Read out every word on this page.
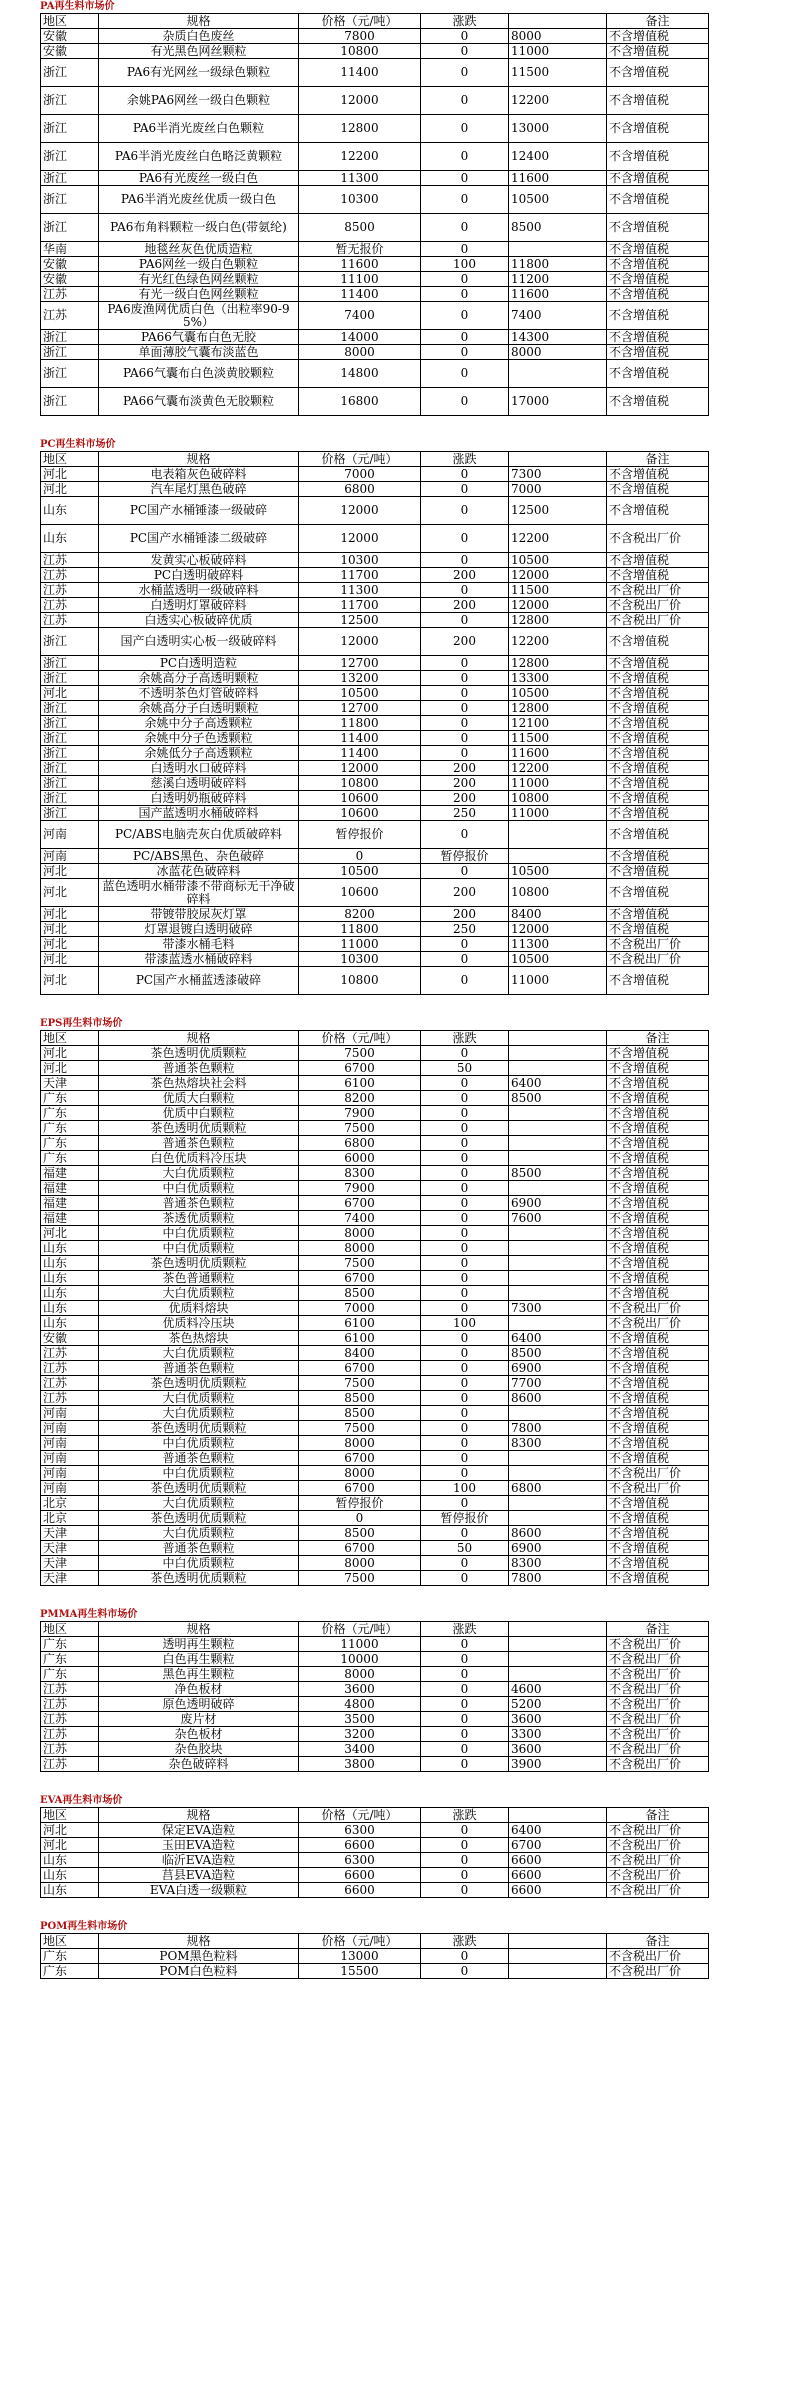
PA再生料市场价
地区	规格	价格（元/吨）	涨跌		备注
安徽	杂质白色废丝	7800	0	8000	不含增值税
安徽	有光黑色网丝颗粒	10800	0	11000	不含增值税
浙江	PA6有光网丝一级绿色颗粒	11400	0	11500	不含增值税
浙江	余姚PA6网丝一级白色颗粒	12000	0	12200	不含增值税
浙江	PA6半消光废丝白色颗粒	12800	0	13000	不含增值税
浙江	PA6半消光废丝白色略泛黄颗粒	12200	0	12400	不含增值税
浙江	PA6有光废丝一级白色	11300	0	11600	不含增值税
浙江	PA6半消光废丝优质一级白色	10300	0	10500	不含增值税
浙江	PA6布角料颗粒一级白色(带氨纶)	8500	0	8500	不含增值税
华南	地毯丝灰色优质造粒	暂无报价	0		不含增值税
安徽	PA6网丝一级白色颗粒	11600	100	11800	不含增值税
安徽	有光红色绿色网丝颗粒	11100	0	11200	不含增值税
江苏	有光一级白色网丝颗粒	11400	0	11600	不含增值税
江苏	PA6废渔网优质白色（出粒率90-95%）	7400	0	7400	不含增值税
浙江	PA66气囊布白色无胶	14000	0	14300	不含增值税
浙江	单面薄胶气囊布淡蓝色	8000	0	8000	不含增值税
浙江	PA66气囊布白色淡黄胶颗粒	14800	0		不含增值税
浙江	PA66气囊布淡黄色无胶颗粒	16800	0	17000	不含增值税
PC再生料市场价
地区	规格	价格（元/吨）	涨跌		备注
河北	电表箱灰色破碎料	7000	0	7300	不含增值税
河北	汽车尾灯黑色破碎	6800	0	7000	不含增值税
山东	PC国产水桶锤漆一级破碎	12000	0	12500	不含增值税
山东	PC国产水桶锤漆二级破碎	12000	0	12200	不含税出厂价
江苏	发黄实心板破碎料	10300	0	10500	不含增值税
江苏	PC白透明破碎料	11700	200	12000	不含增值税
江苏	水桶蓝透明一级破碎料	11300	0	11500	不含税出厂价
江苏	白透明灯罩破碎料	11700	200	12000	不含税出厂价
江苏	白透实心板破碎优质	12500	0	12800	不含税出厂价
浙江	国产白透明实心板一级破碎料	12000	200	12200	不含增值税
浙江	PC白透明造粒	12700	0	12800	不含增值税
浙江	余姚高分子高透明颗粒	13200	0	13300	不含增值税
河北	不透明茶色灯管破碎料	10500	0	10500	不含增值税
浙江	余姚高分子白透明颗粒	12700	0	12800	不含增值税
浙江	余姚中分子高透颗粒	11800	0	12100	不含增值税
浙江	余姚中分子色透颗粒	11400	0	11500	不含增值税
浙江	余姚低分子高透颗粒	11400	0	11600	不含增值税
浙江	白透明水口破碎料	12000	200	12200	不含增值税
浙江	慈溪白透明破碎料	10800	200	11000	不含增值税
浙江	白透明奶瓶破碎料	10600	200	10800	不含增值税
浙江	国产蓝透明水桶破碎料	10600	250	11000	不含增值税
河南	PC/ABS电脑壳灰白优质破碎料	暂停报价	0		不含增值税
河南	PC/ABS黑色、杂色破碎	0	暂停报价		不含增值税
河北	冰蓝花色破碎料	10500	0	10500	不含增值税
河北	蓝色透明水桶带漆不带商标无干净破碎料	10600	200	10800	不含增值税
河北	带镀带胶尿灰灯罩	8200	200	8400	不含增值税
河北	灯罩退镀白透明破碎	11800	250	12000	不含增值税
河北	带漆水桶毛料	11000	0	11300	不含税出厂价
河北	带漆蓝透水桶破碎料	10300	0	10500	不含税出厂价
河北	PC国产水桶蓝透漆破碎	10800	0	11000	不含增值税
EPS再生料市场价
地区	规格	价格（元/吨）	涨跌		备注
河北	茶色透明优质颗粒	7500	0		不含增值税
河北	普通茶色颗粒	6700	50		不含增值税
天津	茶色热熔块社会料	6100	0	6400	不含增值税
广东	优质大白颗粒	8200	0	8500	不含增值税
广东	优质中白颗粒	7900	0		不含增值税
广东	茶色透明优质颗粒	7500	0		不含增值税
广东	普通茶色颗粒	6800	0		不含增值税
广东	白色优质料冷压块	6000	0		不含增值税
福建	大白优质颗粒	8300	0	8500	不含增值税
福建	中白优质颗粒	7900	0		不含增值税
福建	普通茶色颗粒	6700	0	6900	不含增值税
福建	茶透优质颗粒	7400	0	7600	不含增值税
河北	中白优质颗粒	8000	0		不含增值税
山东	中白优质颗粒	8000	0		不含增值税
山东	茶色透明优质颗粒	7500	0		不含增值税
山东	茶色普通颗粒	6700	0		不含增值税
山东	大白优质颗粒	8500	0		不含增值税
山东	优质料熔块	7000	0	7300	不含税出厂价
山东	优质料冷压块	6100	100		不含税出厂价
安徽	茶色热熔块	6100	0	6400	不含增值税
江苏	大白优质颗粒	8400	0	8500	不含增值税
江苏	普通茶色颗粒	6700	0	6900	不含增值税
江苏	茶色透明优质颗粒	7500	0	7700	不含增值税
江苏	大白优质颗粒	8500	0	8600	不含增值税
河南	大白优质颗粒	8500	0		不含增值税
河南	茶色透明优质颗粒	7500	0	7800	不含增值税
河南	中白优质颗粒	8000	0	8300	不含增值税
河南	普通茶色颗粒	6700	0		不含增值税
河南	中白优质颗粒	8000	0		不含税出厂价
河南	茶色透明优质颗粒	6700	100	6800	不含税出厂价
北京	大白优质颗粒	暂停报价	0		不含增值税
北京	茶色透明优质颗粒	0	暂停报价		不含增值税
天津	大白优质颗粒	8500	0	8600	不含增值税
天津	普通茶色颗粒	6700	50	6900	不含增值税
天津	中白优质颗粒	8000	0	8300	不含增值税
天津	茶色透明优质颗粒	7500	0	7800	不含增值税
PMMA再生料市场价
地区	规格	价格（元/吨）	涨跌		备注
广东	透明再生颗粒	11000	0		不含税出厂价
广东	白色再生颗粒	10000	0		不含税出厂价
广东	黑色再生颗粒	8000	0		不含税出厂价
江苏	净色板材	3600	0	4600	不含税出厂价
江苏	原色透明破碎	4800	0	5200	不含税出厂价
江苏	废片材	3500	0	3600	不含税出厂价
江苏	杂色板材	3200	0	3300	不含税出厂价
江苏	杂色胶块	3400	0	3600	不含税出厂价
江苏	杂色破碎料	3800	0	3900	不含税出厂价
EVA再生料市场价
地区	规格	价格（元/吨）	涨跌		备注
河北	保定EVA造粒	6300	0	6400	不含税出厂价
河北	玉田EVA造粒	6600	0	6700	不含税出厂价
山东	临沂EVA造粒	6300	0	6600	不含税出厂价
山东	莒县EVA造粒	6600	0	6600	不含税出厂价
山东	EVA白透一级颗粒	6600	0	6600	不含税出厂价
POM再生料市场价
地区	规格	价格（元/吨）	涨跌		备注
广东	POM黑色粒料	13000	0		不含税出厂价
广东	POM白色粒料	15500	0		不含税出厂价
